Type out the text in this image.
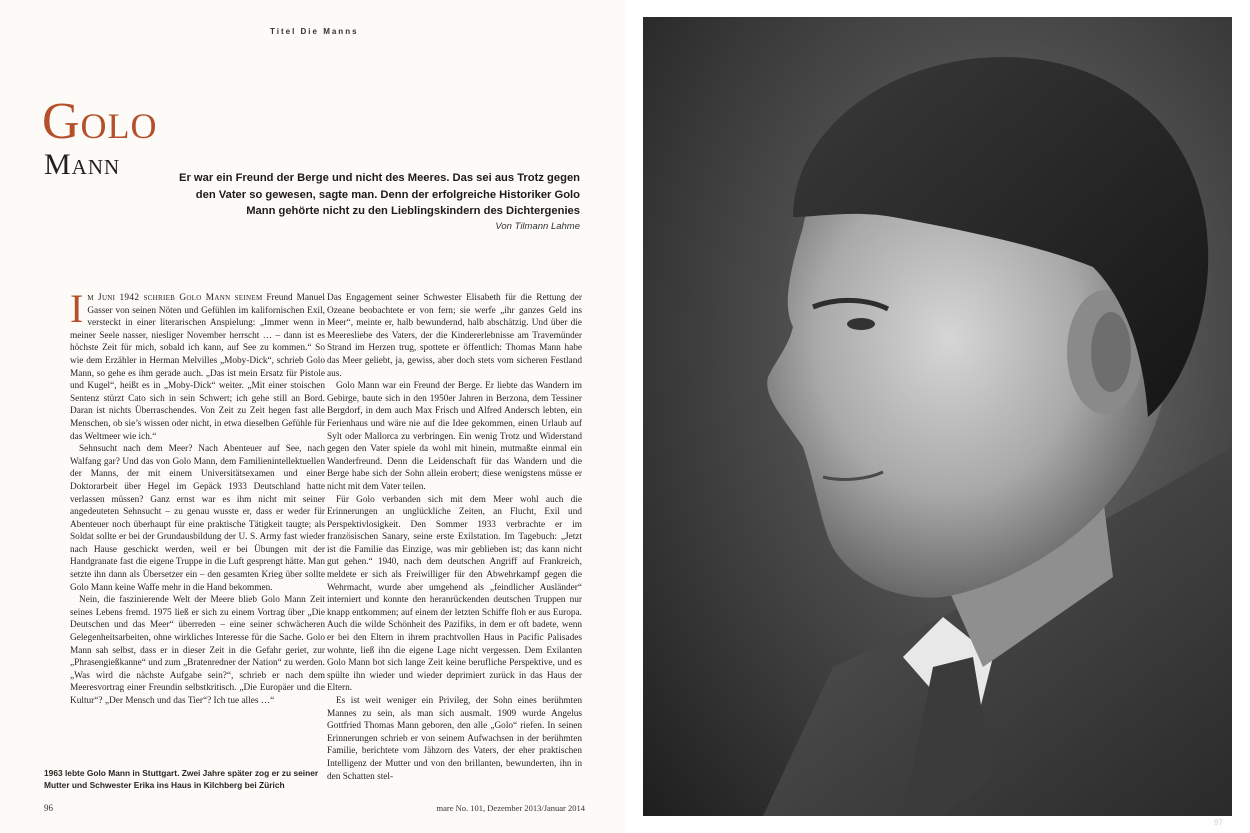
Titel Die Manns
Golo
Mann	Er war ein Freund der Berge und nicht des Meeres. Das sei aus Trotz gegen den Vater so gewesen, sagte man. Denn der erfolgreiche Historiker Golo Mann gehörte nicht zu den Lieblingskindern des Dichtergenies
Von Tilmann Lahme

Im Juni 1942 schrieb Golo Mann seinem Freund Manuel Gasser von seinen Nöten und Gefühlen im kalifornischen Exil, versteckt in einer literarischen Anspielung: „Immer wenn in meiner Seele nasser, niesliger November herrscht … – dann ist es höchste Zeit für mich, sobald ich kann, auf See zu kommen.“ So wie dem Erzähler in Herman Melvilles „Moby-Dick“, schrieb Golo Mann, so gehe es ihm gerade auch. „Das ist mein Ersatz für Pistole und Kugel“, heißt es in „Moby-Dick“ weiter. „Mit einer stoischen Sentenz stürzt Cato sich in sein Schwert; ich gehe still an Bord. Daran ist nichts Überraschendes. Von Zeit zu Zeit hegen fast alle Menschen, ob sie’s wissen oder nicht, in etwa dieselben Gefühle für das Weltmeer wie ich.“

Sehnsucht nach dem Meer? Nach Abenteuer auf See, nach Walfang gar? Und das von Golo Mann, dem Familienintellektuellen der Manns, der mit einem Universitätsexamen und einer Doktorarbeit über Hegel im Gepäck 1933 Deutschland hatte verlassen müssen? Ganz ernst war es ihm nicht mit seiner angedeuteten Sehnsucht – zu genau wusste er, dass er weder für Abenteuer noch überhaupt für eine praktische Tätigkeit taugte; als Soldat sollte er bei der Grundausbildung der U. S. Army fast wieder nach Hause geschickt werden, weil er bei Übungen mit der Handgranate fast die eigene Truppe in die Luft gesprengt hätte. Man setzte ihn dann als Übersetzer ein – den gesamten Krieg über sollte Golo Mann keine Waffe mehr in die Hand bekommen.

Nein, die faszinierende Welt der Meere blieb Golo Mann Zeit seines Lebens fremd. 1975 ließ er sich zu einem Vortrag über „Die Deutschen und das Meer“ überreden – eine seiner schwächeren Gelegenheitsarbeiten, ohne wirkliches Interesse für die Sache. Golo Mann sah selbst, dass er in dieser Zeit in die Gefahr geriet, zur „Phrasengießkanne“ und zum „Bratenredner der Nation“ zu werden. „Was wird die nächste Aufgabe sein?“, schrieb er nach dem Meeresvortrag einer Freundin selbstkritisch. „Die Europäer und die Kultur“? „Der Mensch und das Tier“? Ich tue alles …“

Das Engagement seiner Schwester Elisabeth für die Rettung der Ozeane beobachtete er von fern; sie werfe „ihr ganzes Geld ins Meer“, meinte er, halb bewundernd, halb abschätzig. Und über die Meeresliebe des Vaters, der die Kindererlebnisse am Travemünder Strand im Herzen trug, spottete er öffentlich: Thomas Mann habe das Meer geliebt, ja, gewiss, aber doch stets vom sicheren Festland aus.

Golo Mann war ein Freund der Berge. Er liebte das Wandern im Gebirge, baute sich in den 1950er Jahren in Berzona, dem Tessiner Bergdorf, in dem auch Max Frisch und Alfred Andersch lebten, ein Ferienhaus und wäre nie auf die Idee gekommen, einen Urlaub auf Sylt oder Mallorca zu verbringen. Ein wenig Trotz und Widerstand gegen den Vater spiele da wohl mit hinein, mutmaßte einmal ein Wanderfreund. Denn die Leidenschaft für das Wandern und die Berge habe sich der Sohn allein erobert; diese wenigstens müsse er nicht mit dem Vater teilen.

Für Golo verbanden sich mit dem Meer wohl auch die Erinnerungen an unglückliche Zeiten, an Flucht, Exil und Perspektivlosigkeit. Den Sommer 1933 verbrachte er im französischen Sanary, seine erste Exilstation. Im Tagebuch: „Jetzt ist die Familie das Einzige, was mir geblieben ist; das kann nicht gut gehen.“ 1940, nach dem deutschen Angriff auf Frankreich, meldete er sich als Freiwilliger für den Abwehrkampf gegen die Wehrmacht, wurde aber umgehend als „feindlicher Ausländer“ interniert und konnte den heranrückenden deutschen Truppen nur knapp entkommen; auf einem der letzten Schiffe floh er aus Europa. Auch die wilde Schönheit des Pazifiks, in dem er oft badete, wenn er bei den Eltern in ihrem prachtvollen Haus in Pacific Palisades wohnte, ließ ihn die eigene Lage nicht vergessen. Dem Exilanten Golo Mann bot sich lange Zeit keine berufliche Perspektive, und es spülte ihn wieder und wieder deprimiert zurück in das Haus der Eltern.

Es ist weit weniger ein Privileg, der Sohn eines berühmten Mannes zu sein, als man sich ausmalt. 1909 wurde Angelus Gottfried Thomas Mann geboren, den alle „Golo“ riefen. In seinen Erinnerungen schrieb er von seinem Aufwachsen in der berühmten Familie, berichtete vom Jähzorn des Vaters, der eher praktischen Intelligenz der Mutter und von den brillanten, bewunderten, ihn in den Schatten stel-

1963 lebte Golo Mann in Stuttgart. Zwei Jahre später zog er zu seiner Mutter und Schwester Erika ins Haus in Kilchberg bei Zürich
96	mare No. 101, Dezember 2013/Januar 2014
97
